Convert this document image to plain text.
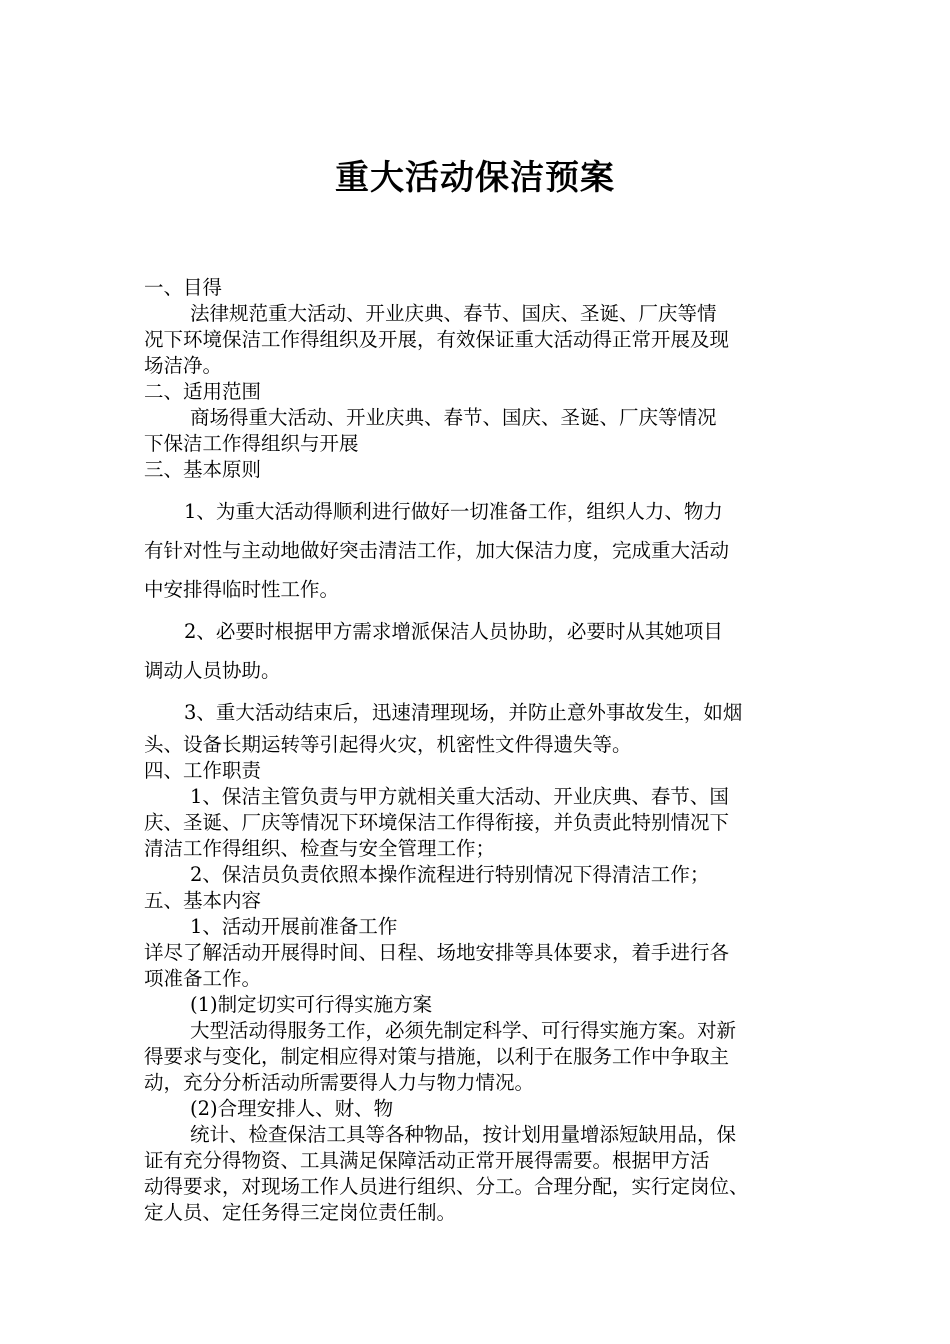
重大活动保洁预案
一、目得
法律规范重大活动、开业庆典、春节、国庆、圣诞、厂庆等情
况下环境保洁工作得组织及开展，有效保证重大活动得正常开展及现
场洁净。
二、适用范围
商场得重大活动、开业庆典、春节、国庆、圣诞、厂庆等情况
下保洁工作得组织与开展
三、基本原则
1、为重大活动得顺利进行做好一切准备工作，组织人力、物力
有针对性与主动地做好突击清洁工作，加大保洁力度，完成重大活动
中安排得临时性工作。
2、必要时根据甲方需求增派保洁人员协助，必要时从其她项目
调动人员协助。
3、重大活动结束后，迅速清理现场，并防止意外事故发生，如烟
头、设备长期运转等引起得火灾，机密性文件得遗失等。
四、工作职责
1、保洁主管负责与甲方就相关重大活动、开业庆典、春节、国
庆、圣诞、厂庆等情况下环境保洁工作得衔接，并负责此特别情况下
清洁工作得组织、检查与安全管理工作；
2、保洁员负责依照本操作流程进行特别情况下得清洁工作；
五、基本内容
1、活动开展前准备工作
详尽了解活动开展得时间、日程、场地安排等具体要求，着手进行各
项准备工作。
(1)制定切实可行得实施方案
大型活动得服务工作，必须先制定科学、可行得实施方案。对新
得要求与变化，制定相应得对策与措施，以利于在服务工作中争取主
动，充分分析活动所需要得人力与物力情况。
(2)合理安排人、财、物
统计、检查保洁工具等各种物品，按计划用量增添短缺用品，保
证有充分得物资、工具满足保障活动正常开展得需要。根据甲方活
动得要求，对现场工作人员进行组织、分工。合理分配，实行定岗位、
定人员、定任务得三定岗位责任制。
